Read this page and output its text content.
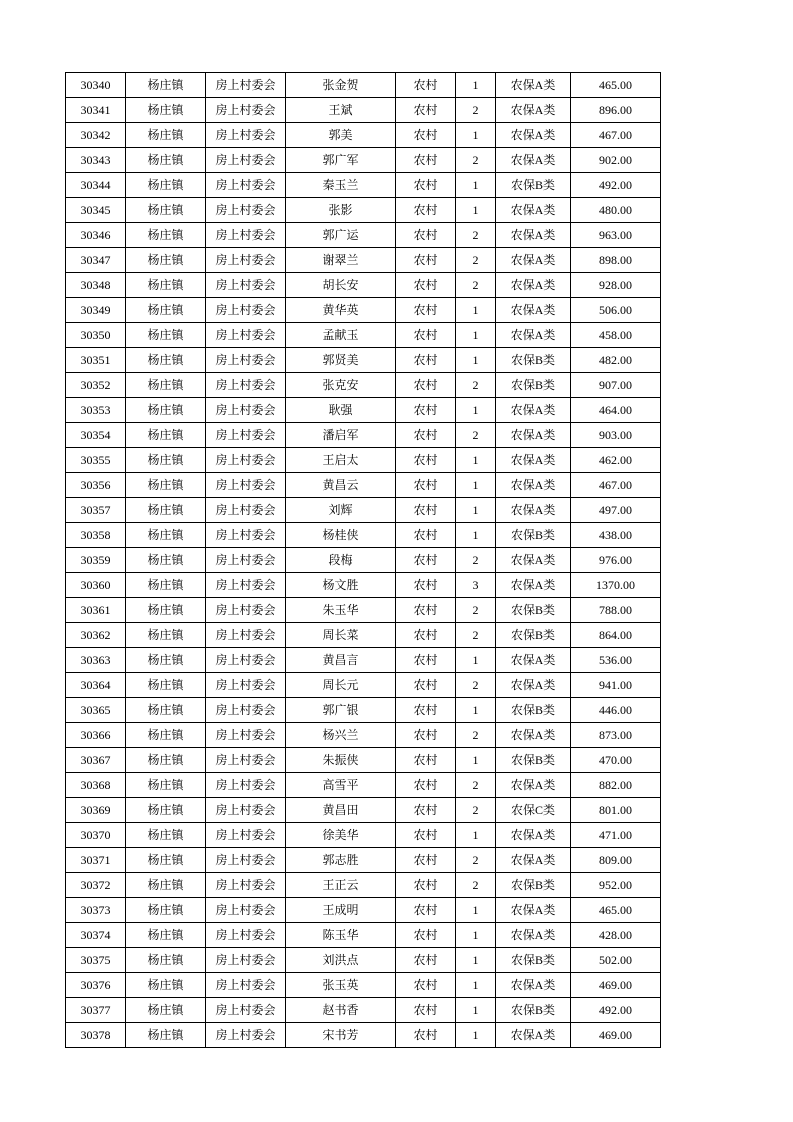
30340	杨庄镇	房上村委会	张金贺	农村	1	农保A类	465.00
30341	杨庄镇	房上村委会	王斌	农村	2	农保A类	896.00
30342	杨庄镇	房上村委会	郭美	农村	1	农保A类	467.00
30343	杨庄镇	房上村委会	郭广军	农村	2	农保A类	902.00
30344	杨庄镇	房上村委会	秦玉兰	农村	1	农保B类	492.00
30345	杨庄镇	房上村委会	张影	农村	1	农保A类	480.00
30346	杨庄镇	房上村委会	郭广运	农村	2	农保A类	963.00
30347	杨庄镇	房上村委会	谢翠兰	农村	2	农保A类	898.00
30348	杨庄镇	房上村委会	胡长安	农村	2	农保A类	928.00
30349	杨庄镇	房上村委会	黄华英	农村	1	农保A类	506.00
30350	杨庄镇	房上村委会	孟献玉	农村	1	农保A类	458.00
30351	杨庄镇	房上村委会	郭贤美	农村	1	农保B类	482.00
30352	杨庄镇	房上村委会	张克安	农村	2	农保B类	907.00
30353	杨庄镇	房上村委会	耿强	农村	1	农保A类	464.00
30354	杨庄镇	房上村委会	潘启军	农村	2	农保A类	903.00
30355	杨庄镇	房上村委会	王启太	农村	1	农保A类	462.00
30356	杨庄镇	房上村委会	黄昌云	农村	1	农保A类	467.00
30357	杨庄镇	房上村委会	刘辉	农村	1	农保A类	497.00
30358	杨庄镇	房上村委会	杨桂侠	农村	1	农保B类	438.00
30359	杨庄镇	房上村委会	段梅	农村	2	农保A类	976.00
30360	杨庄镇	房上村委会	杨文胜	农村	3	农保A类	1370.00
30361	杨庄镇	房上村委会	朱玉华	农村	2	农保B类	788.00
30362	杨庄镇	房上村委会	周长菜	农村	2	农保B类	864.00
30363	杨庄镇	房上村委会	黄昌言	农村	1	农保A类	536.00
30364	杨庄镇	房上村委会	周长元	农村	2	农保A类	941.00
30365	杨庄镇	房上村委会	郭广银	农村	1	农保B类	446.00
30366	杨庄镇	房上村委会	杨兴兰	农村	2	农保A类	873.00
30367	杨庄镇	房上村委会	朱振侠	农村	1	农保B类	470.00
30368	杨庄镇	房上村委会	高雪平	农村	2	农保A类	882.00
30369	杨庄镇	房上村委会	黄昌田	农村	2	农保C类	801.00
30370	杨庄镇	房上村委会	徐美华	农村	1	农保A类	471.00
30371	杨庄镇	房上村委会	郭志胜	农村	2	农保A类	809.00
30372	杨庄镇	房上村委会	王正云	农村	2	农保B类	952.00
30373	杨庄镇	房上村委会	王成明	农村	1	农保A类	465.00
30374	杨庄镇	房上村委会	陈玉华	农村	1	农保A类	428.00
30375	杨庄镇	房上村委会	刘洪点	农村	1	农保B类	502.00
30376	杨庄镇	房上村委会	张玉英	农村	1	农保A类	469.00
30377	杨庄镇	房上村委会	赵书香	农村	1	农保B类	492.00
30378	杨庄镇	房上村委会	宋书芳	农村	1	农保A类	469.00
